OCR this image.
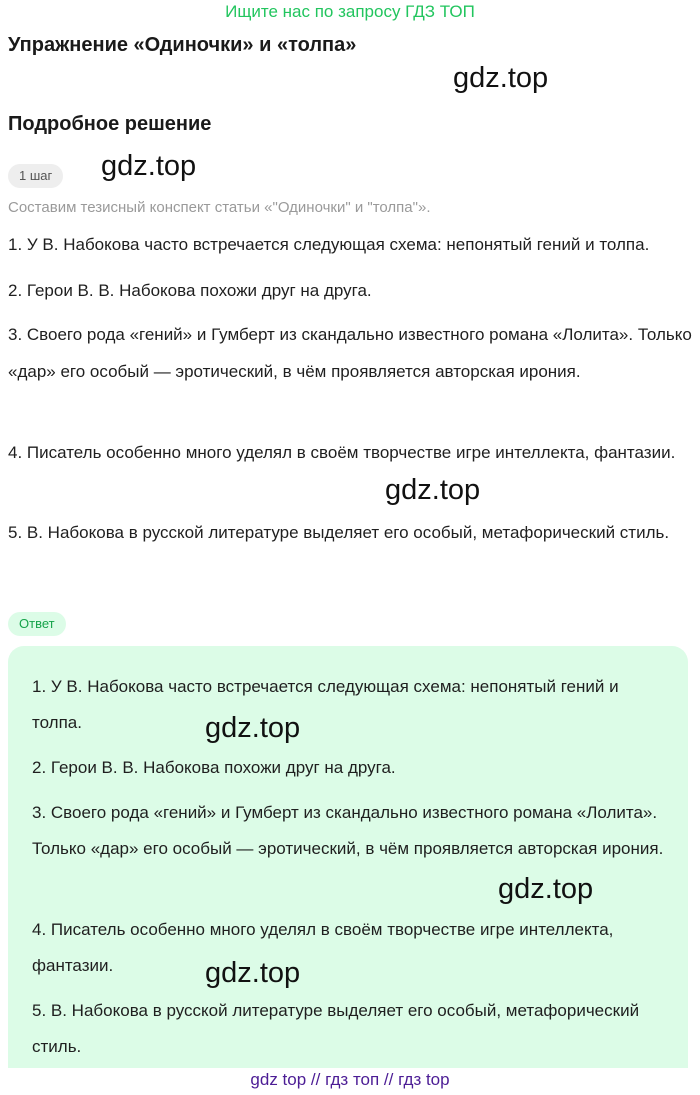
Ищите нас по запросу ГДЗ ТОП
Упражнение «Одиночки» и «толпа»
gdz.top
Подробное решение
1 шаг	gdz.top

Составим тезисный конспект статьи «"Одиночки" и "толпа"».

1. У В. Набокова часто встречается следующая схема: непонятый гений и толпа.

2. Герои В. В. Набокова похожи друг на друга.

3. Своего рода «гений» и Гумберт из скандально известного романа «Лолита». Только «дар» его особый — эротический, в чём проявляется авторская ирония.

4. Писатель особенно много уделял в своём творчестве игре интеллекта, фантазии.

gdz.top

5. В. Набокова в русской литературе выделяет его особый, метафорический стиль.

Ответ

1. У В. Набокова часто встречается следующая схема: непонятый гений и толпа.	gdz.top

2. Герои В. В. Набокова похожи друг на друга.

3. Своего рода «гений» и Гумберт из скандально известного романа «Лолита». Только «дар» его особый — эротический, в чём проявляется авторская ирония.

gdz.top

4. Писатель особенно много уделял в своём творчестве игре интеллекта, фантазии.	gdz.top

5. В. Набокова в русской литературе выделяет его особый, метафорический стиль.

gdz top // гдз топ // гдз top
